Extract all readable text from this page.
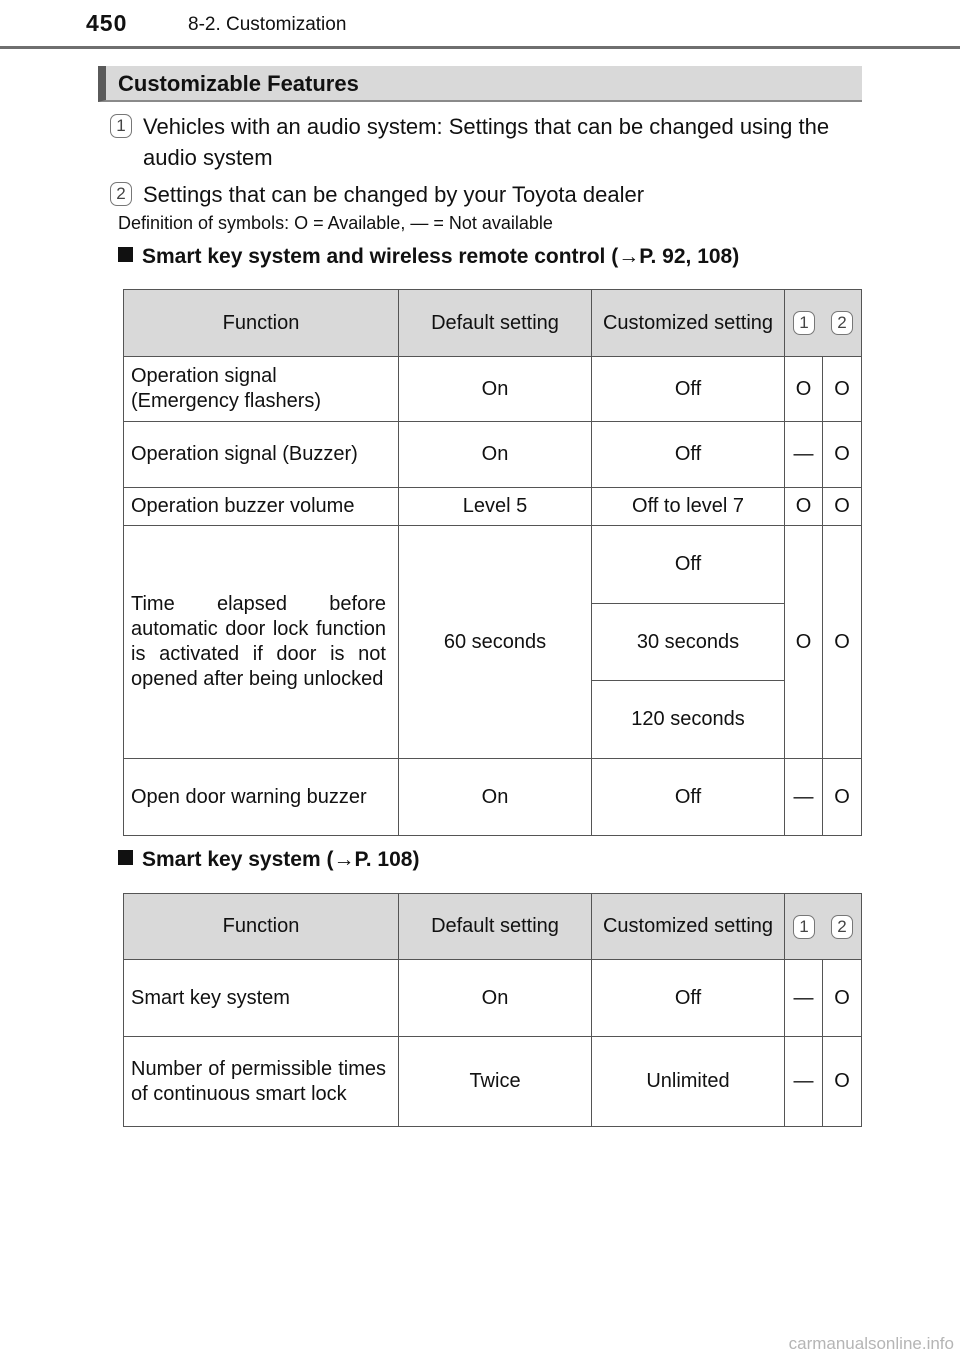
450	8-2. Customization
Customizable Features
1 Vehicles with an audio system: Settings that can be changed using the audio system
2 Settings that can be changed by your Toyota dealer
Definition of symbols: O = Available, — = Not available
Smart key system and wireless remote control (→P. 92, 108)
Function	Default setting	Customized setting	1 2	

Operation signal (Emergency flashers)	On	Off	O	O
Operation signal (Buzzer)	On	Off	—	O
Operation buzzer volume	Level 5	Off to level 7	O	O
Time elapsed before automatic door lock function is activated if door is not opened after being unlocked	60 seconds	Off	O	O
		30 seconds		
		120 seconds		
Open door warning buzzer	On	Off	—	O
Smart key system (→P. 108)
Function	Default setting	Customized setting	1 2	

Smart key system	On	Off	—	O
Number of permissible times of continuous smart lock	Twice	Unlimited	—	O
carmanualsonline.info
